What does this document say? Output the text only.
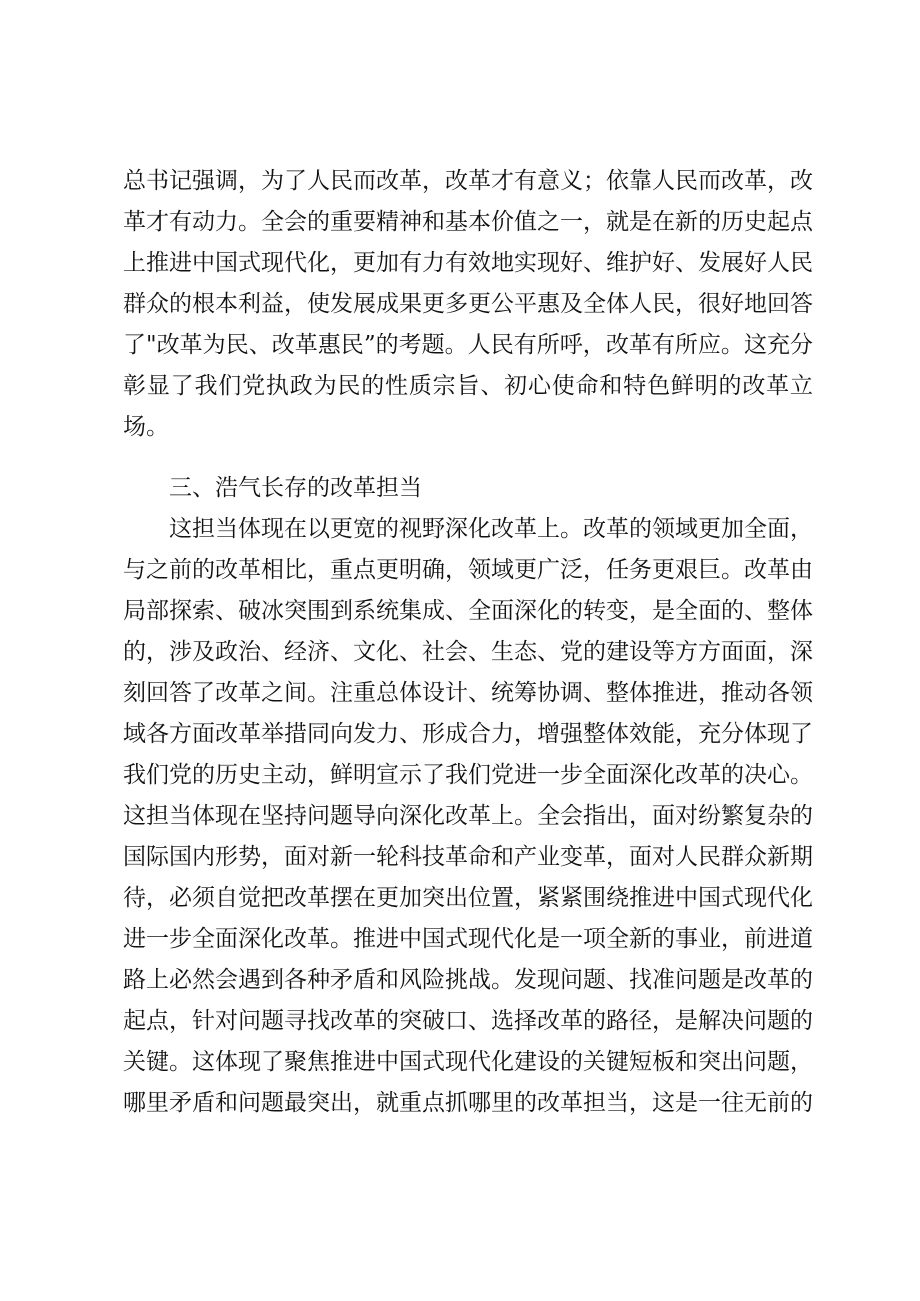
总书记强调，为了人民而改革，改革才有意义；依靠人民而改革，改革才有动力。全会的重要精神和基本价值之一，就是在新的历史起点上推进中国式现代化，更加有力有效地实现好、维护好、发展好人民群众的根本利益，使发展成果更多更公平惠及全体人民，很好地回答了"改革为民、改革惠民”的考题。人民有所呼，改革有所应。这充分彰显了我们党执政为民的性质宗旨、初心使命和特色鲜明的改革立场。

三、浩气长存的改革担当

这担当体现在以更宽的视野深化改革上。改革的领域更加全面，与之前的改革相比，重点更明确，领域更广泛，任务更艰巨。改革由局部探索、破冰突围到系统集成、全面深化的转变，是全面的、整体的，涉及政治、经济、文化、社会、生态、党的建设等方方面面，深刻回答了改革之间。注重总体设计、统筹协调、整体推进，推动各领域各方面改革举措同向发力、形成合力，增强整体效能，充分体现了我们党的历史主动，鲜明宣示了我们党进一步全面深化改革的决心。

这担当体现在坚持问题导向深化改革上。全会指出，面对纷繁复杂的国际国内形势，面对新一轮科技革命和产业变革，面对人民群众新期待，必须自觉把改革摆在更加突出位置，紧紧围绕推进中国式现代化进一步全面深化改革。推进中国式现代化是一项全新的事业，前进道路上必然会遇到各种矛盾和风险挑战。发现问题、找准问题是改革的起点，针对问题寻找改革的突破口、选择改革的路径，是解决问题的关键。这体现了聚焦推进中国式现代化建设的关键短板和突出问题，哪里矛盾和问题最突出，就重点抓哪里的改革担当，这是一往无前的
